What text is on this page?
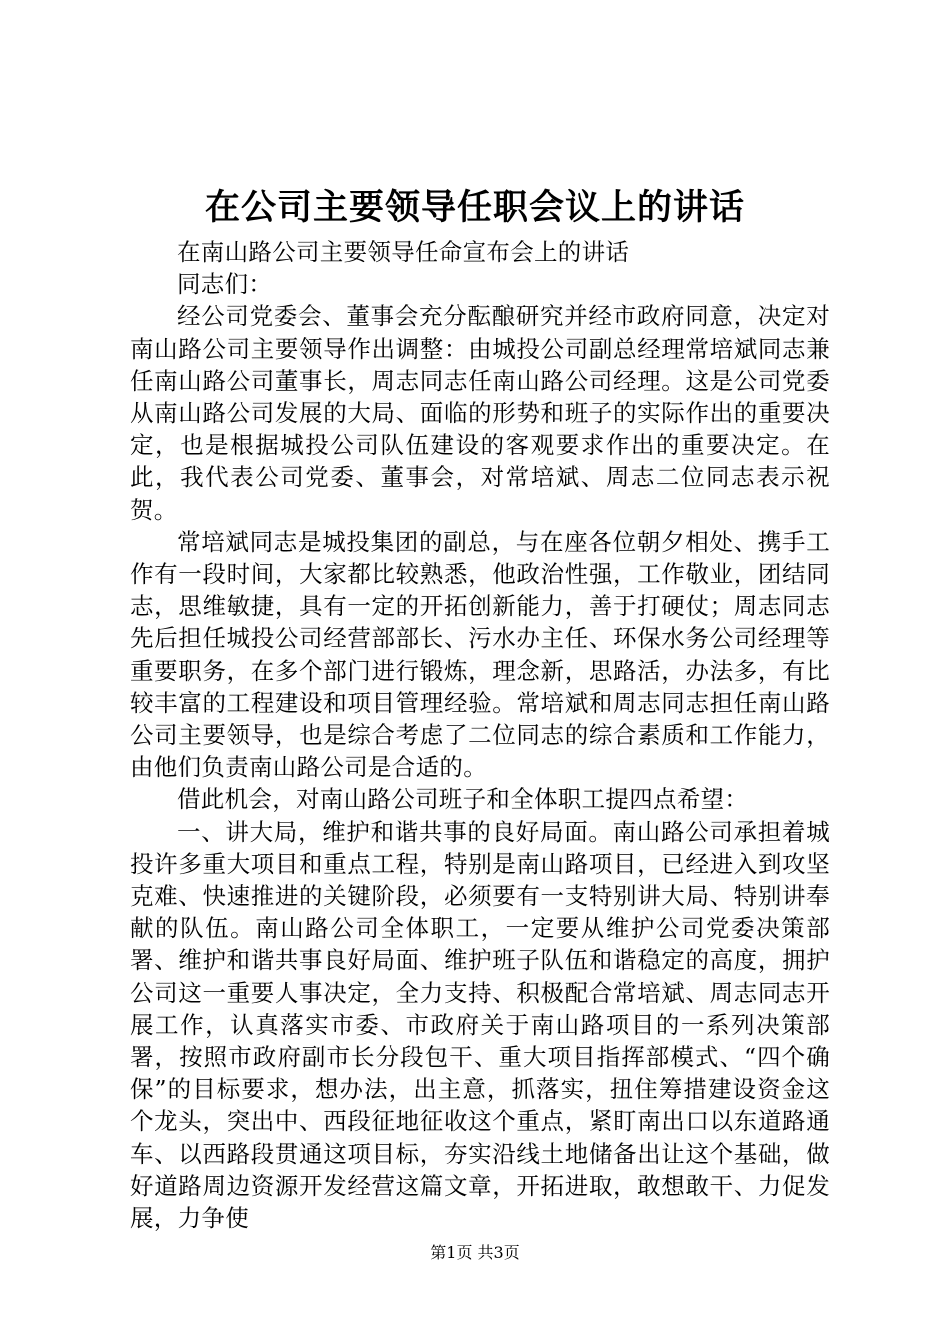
在公司主要领导任职会议上的讲话

在南山路公司主要领导任命宣布会上的讲话

同志们：

经公司党委会、董事会充分酝酿研究并经市政府同意，决定对南山路公司主要领导作出调整：由城投公司副总经理常培斌同志兼任南山路公司董事长，周志同志任南山路公司经理。这是公司党委从南山路公司发展的大局、面临的形势和班子的实际作出的重要决定，也是根据城投公司队伍建设的客观要求作出的重要决定。在此，我代表公司党委、董事会，对常培斌、周志二位同志表示祝贺。

常培斌同志是城投集团的副总，与在座各位朝夕相处、携手工作有一段时间，大家都比较熟悉，他政治性强，工作敬业，团结同志，思维敏捷，具有一定的开拓创新能力，善于打硬仗；周志同志先后担任城投公司经营部部长、污水办主任、环保水务公司经理等重要职务，在多个部门进行锻炼，理念新，思路活，办法多，有比较丰富的工程建设和项目管理经验。常培斌和周志同志担任南山路公司主要领导，也是综合考虑了二位同志的综合素质和工作能力，由他们负责南山路公司是合适的。

借此机会，对南山路公司班子和全体职工提四点希望：

一、讲大局，维护和谐共事的良好局面。南山路公司承担着城投许多重大项目和重点工程，特别是南山路项目，已经进入到攻坚克难、快速推进的关键阶段，必须要有一支特别讲大局、特别讲奉献的队伍。南山路公司全体职工，一定要从维护公司党委决策部署、维护和谐共事良好局面、维护班子队伍和谐稳定的高度，拥护公司这一重要人事决定，全力支持、积极配合常培斌、周志同志开展工作，认真落实市委、市政府关于南山路项目的一系列决策部署，按照市政府副市长分段包干、重大项目指挥部模式、“四个确保”的目标要求，想办法，出主意，抓落实，扭住筹措建设资金这个龙头，突出中、西段征地征收这个重点，紧盯南出口以东道路通车、以西路段贯通这项目标，夯实沿线土地储备出让这个基础，做好道路周边资源开发经营这篇文章，开拓进取，敢想敢干、力促发展，力争使

第1页 共3页
